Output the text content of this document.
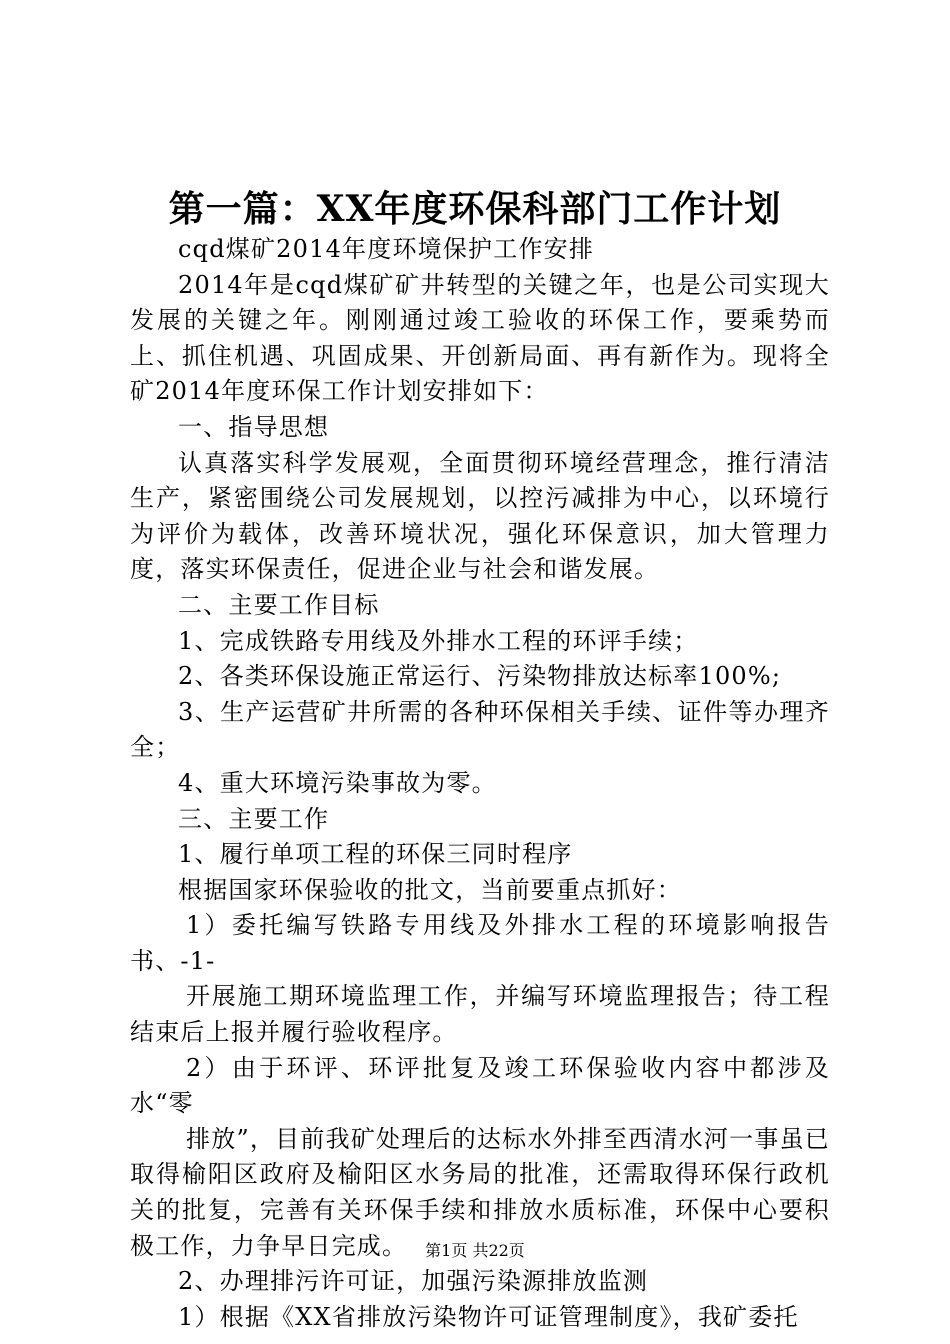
第一篇：XX年度环保科部门工作计划

cqd煤矿2014年度环境保护工作安排

2014年是cqd煤矿矿井转型的关键之年，也是公司实现大发展的关键之年。刚刚通过竣工验收的环保工作，要乘势而上、抓住机遇、巩固成果、开创新局面、再有新作为。现将全矿2014年度环保工作计划安排如下：

一、指导思想

认真落实科学发展观，全面贯彻环境经营理念，推行清洁生产，紧密围绕公司发展规划，以控污减排为中心，以环境行为评价为载体，改善环境状况，强化环保意识，加大管理力度，落实环保责任，促进企业与社会和谐发展。

二、主要工作目标

1、完成铁路专用线及外排水工程的环评手续；

2、各类环保设施正常运行、污染物排放达标率100%;

3、生产运营矿井所需的各种环保相关手续、证件等办理齐全；

4、重大环境污染事故为零。

三、主要工作

1、履行单项工程的环保三同时程序

根据国家环保验收的批文，当前要重点抓好：

1）委托编写铁路专用线及外排水工程的环境影响报告书、-1-

开展施工期环境监理工作，并编写环境监理报告；待工程结束后上报并履行验收程序。

2）由于环评、环评批复及竣工环保验收内容中都涉及水“零

排放”，目前我矿处理后的达标水外排至西清水河一事虽已取得榆阳区政府及榆阳区水务局的批准，还需取得环保行政机关的批复，完善有关环保手续和排放水质标准，环保中心要积极工作，力争早日完成。

2、办理排污许可证，加强污染源排放监测

1）根据《XX省排放污染物许可证管理制度》，我矿委托

第1页 共22页
